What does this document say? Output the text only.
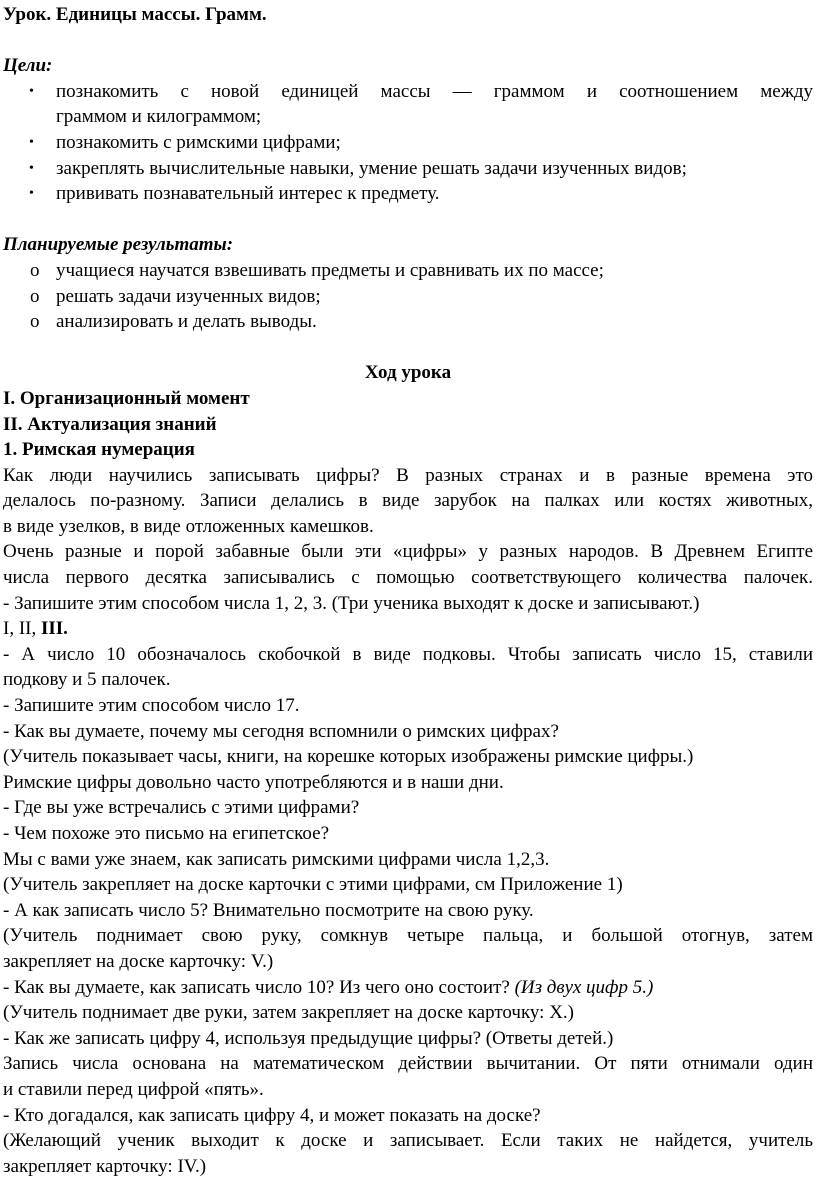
Урок. Единицы массы. Грамм.

Цели:

• познакомить с новой единицей массы — граммом и соотношением между
граммом и килограммом;
• познакомить с римскими цифрами;
• закреплять вычислительные навыки, умение решать задачи изученных видов;
• прививать познавательный интерес к предмету.

Планируемые результаты:

o учащиеся научатся взвешивать предметы и сравнивать их по массе;
o решать задачи изученных видов;
o анализировать и делать выводы.

Ход урока

I. Организационный момент

II. Актуализация знаний

1. Римская нумерация

Как люди научились записывать цифры? В разных странах и в разные времена это

делалось по-разному. Записи делались в виде зарубок на палках или костях животных,

в виде узелков, в виде отложенных камешков.

Очень разные и порой забавные были эти «цифры» у разных народов. В Древнем Египте

числа первого десятка записывались с помощью соответствующего количества палочек.

- Запишите этим способом числа 1, 2, 3. (Три ученика выходят к доске и записывают.)

I, II, III.

- А число 10 обозначалось скобочкой в виде подковы. Чтобы записать число 15, ставили

подкову и 5 палочек.

- Запишите этим способом число 17.

- Как вы думаете, почему мы сегодня вспомнили о римских цифрах?

(Учитель показывает часы, книги, на корешке которых изображены римские цифры.)

Римские цифры довольно часто употребляются и в наши дни.

- Где вы уже встречались с этими цифрами?

- Чем похоже это письмо на египетское?

Мы с вами уже знаем, как записать римскими цифрами числа 1,2,3.

(Учитель закрепляет на доске карточки с этими цифрами, см Приложение 1)

- А как записать число 5? Внимательно посмотрите на свою руку.

(Учитель поднимает свою руку, сомкнув четыре пальца, и большой отогнув, затем

закрепляет на доске карточку: V.)

- Как вы думаете, как записать число 10? Из чего оно состоит? (Из двух цифр 5.)

(Учитель поднимает две руки, затем закрепляет на доске карточку: Х.)

- Как же записать цифру 4, используя предыдущие цифры? (Ответы детей.)

Запись числа основана на математическом действии вычитании. От пяти отнимали один

и ставили перед цифрой «пять».

- Кто догадался, как записать цифру 4, и может показать на доске?

(Желающий ученик выходит к доске и записывает. Если таких не найдется, учитель

закрепляет карточку: IV.)
